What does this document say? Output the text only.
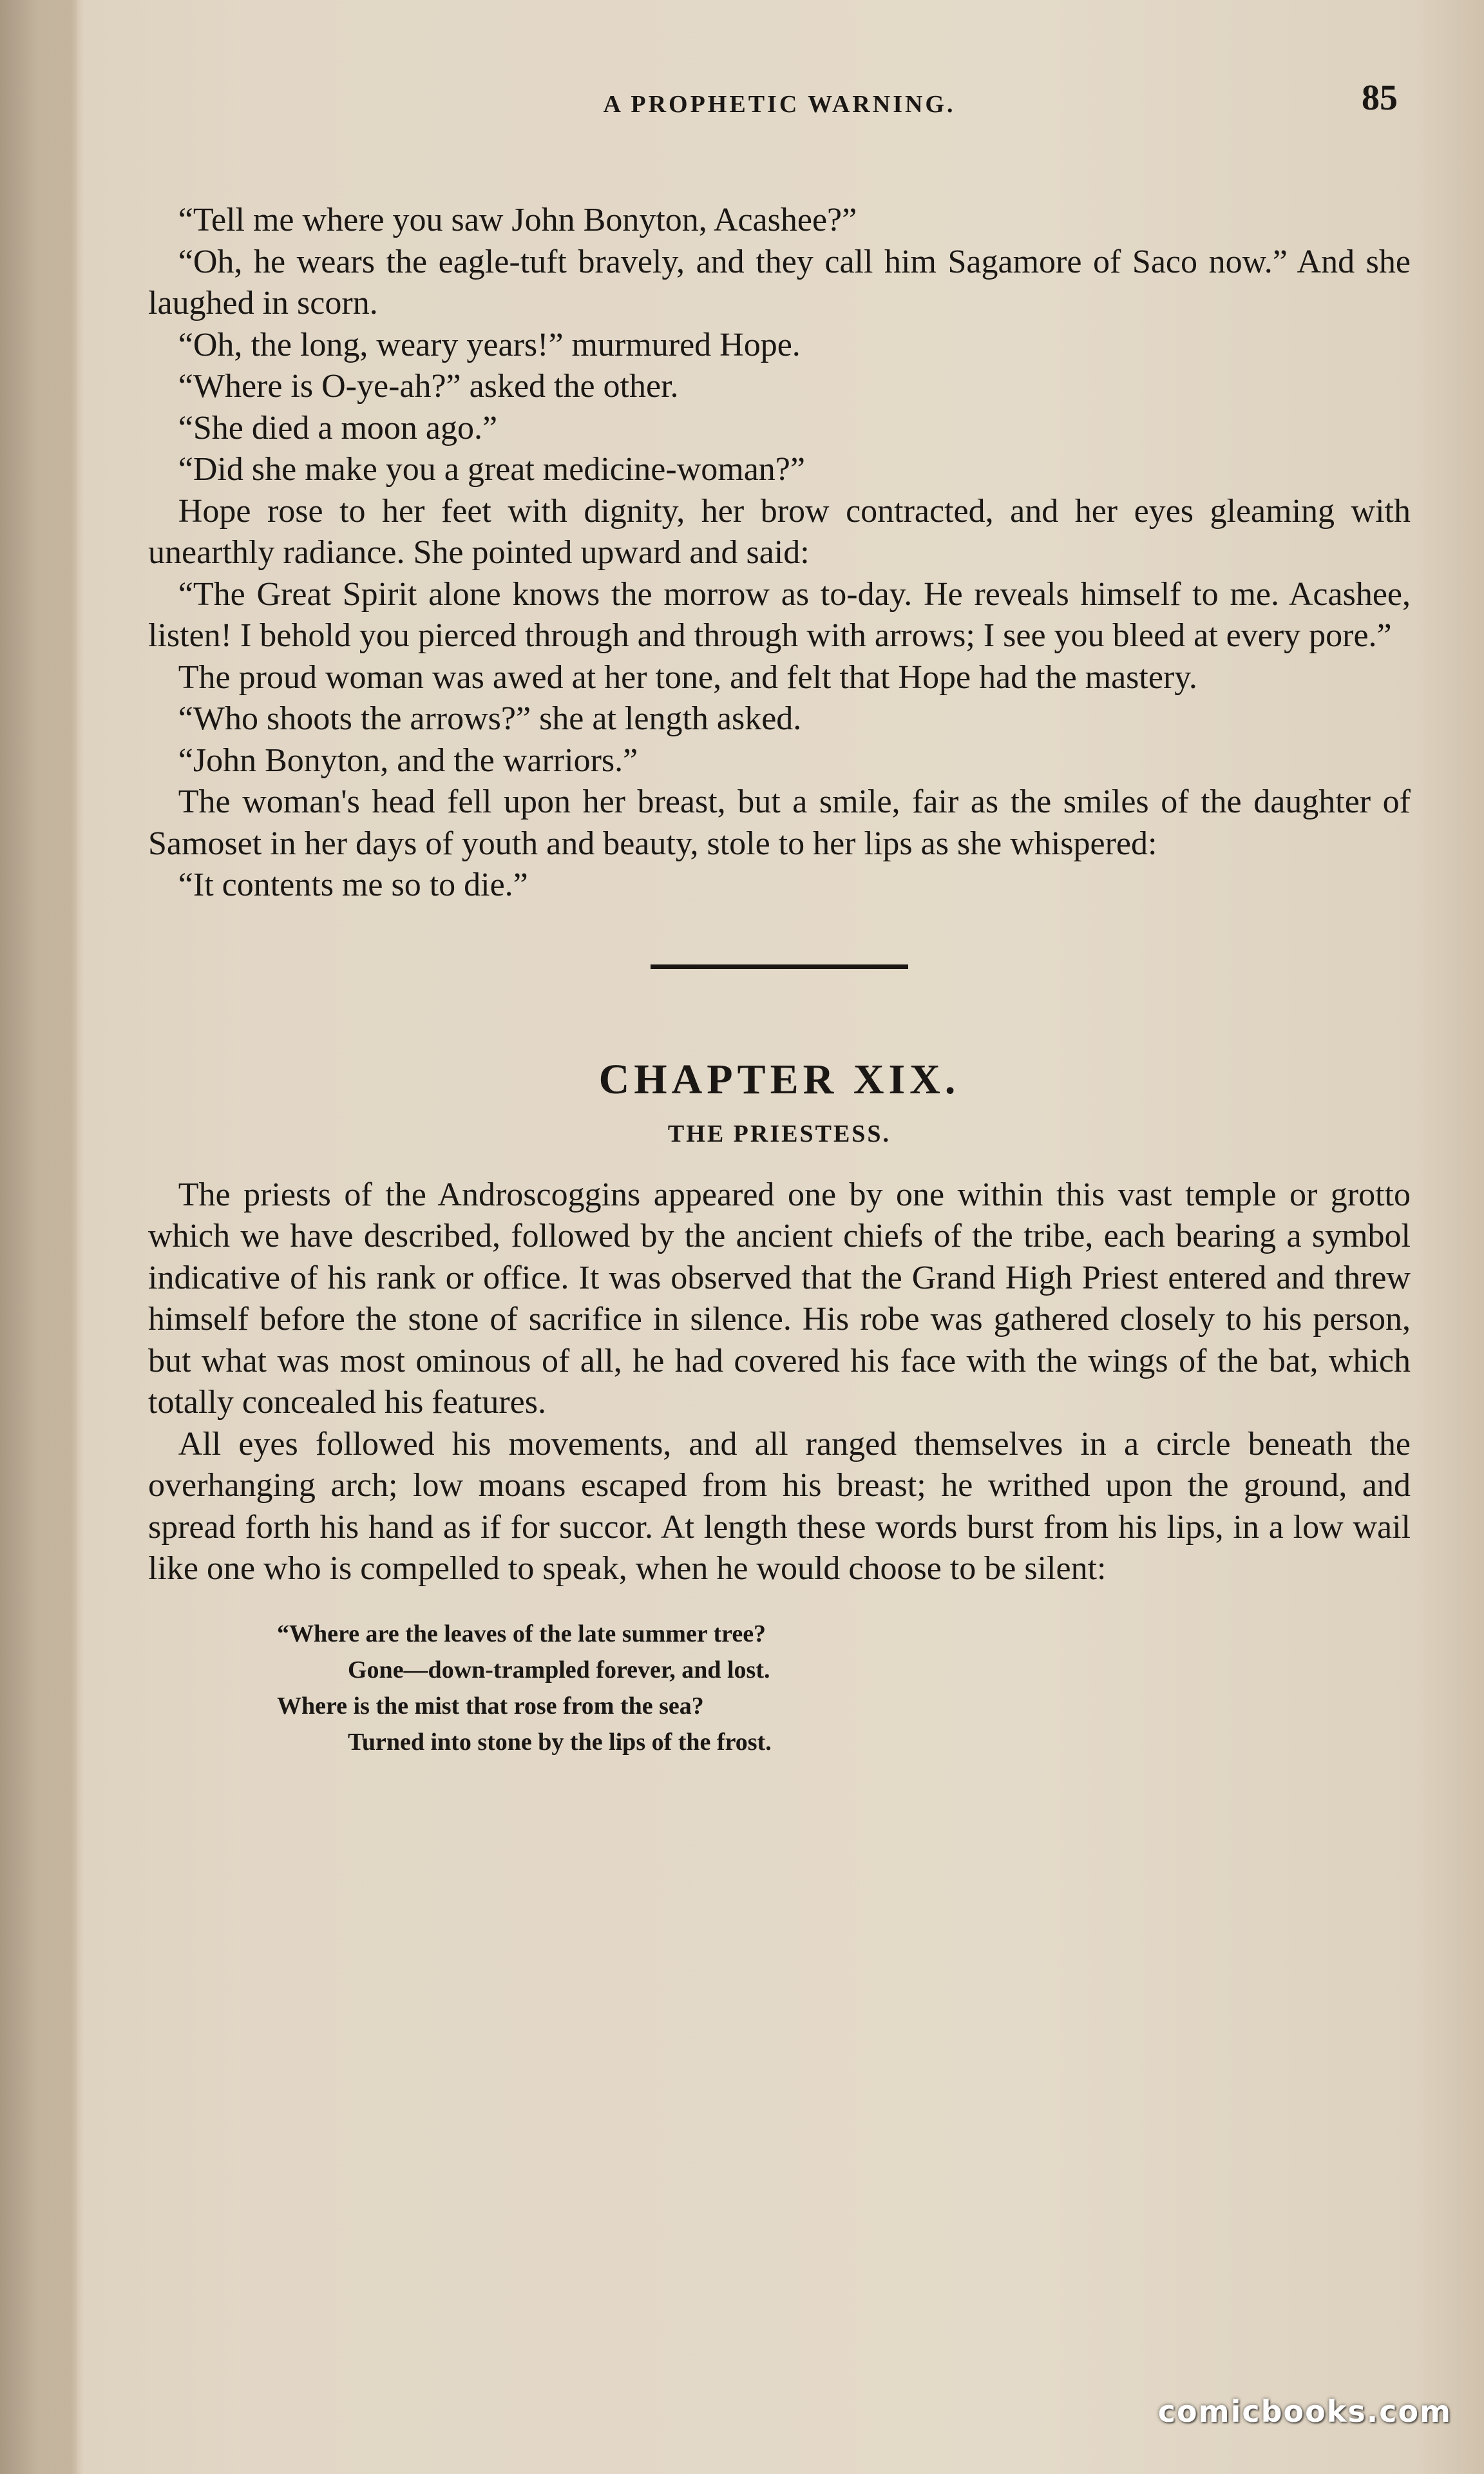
A PROPHETIC WARNING.	85

“Tell me where you saw John Bonyton, Acashee?”

“Oh, he wears the eagle-tuft bravely, and they call him Sagamore of Saco now.” And she laughed in scorn.

“Oh, the long, weary years!” murmured Hope.

“Where is O-ye-ah?” asked the other.

“She died a moon ago.”

“Did she make you a great medicine-woman?”

Hope rose to her feet with dignity, her brow contracted, and her eyes gleaming with unearthly radiance. She pointed upward and said:

“The Great Spirit alone knows the morrow as to-day. He reveals himself to me. Acashee, listen! I behold you pierced through and through with arrows; I see you bleed at every pore.”

The proud woman was awed at her tone, and felt that Hope had the mastery.

“Who shoots the arrows?” she at length asked.

“John Bonyton, and the warriors.”

The woman's head fell upon her breast, but a smile, fair as the smiles of the daughter of Samoset in her days of youth and beauty, stole to her lips as she whispered:

“It contents me so to die.”

CHAPTER XIX.
THE PRIESTESS.

The priests of the Androscoggins appeared one by one within this vast temple or grotto which we have described, followed by the ancient chiefs of the tribe, each bearing a symbol indicative of his rank or office. It was observed that the Grand High Priest entered and threw himself before the stone of sacrifice in silence. His robe was gathered closely to his person, but what was most ominous of all, he had covered his face with the wings of the bat, which totally concealed his features.

All eyes followed his movements, and all ranged themselves in a circle beneath the overhanging arch; low moans escaped from his breast; he writhed upon the ground, and spread forth his hand as if for succor. At length these words burst from his lips, in a low wail like one who is compelled to speak, when he would choose to be silent:

“Where are the leaves of the late summer tree?
Gone—down-trampled forever, and lost.
Where is the mist that rose from the sea?
Turned into stone by the lips of the frost.
comicbooks.com
